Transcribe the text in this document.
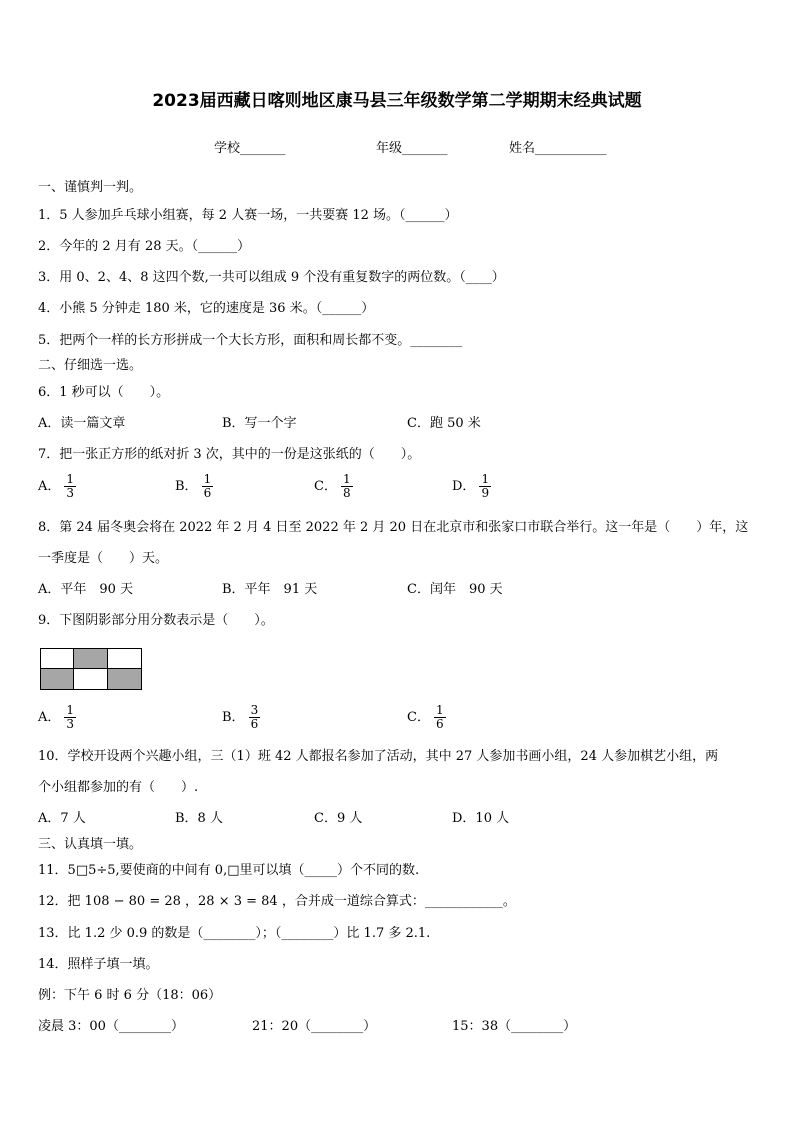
2023届西藏日喀则地区康马县三年级数学第二学期期末经典试题
学校_______	年级_______	姓名___________
一、谨慎判一判。
1．5 人参加乒乓球小组赛，每 2 人赛一场，一共要赛 12 场。（______）
2．今年的 2 月有 28 天。（______）
3．用 0、2、4、8 这四个数,一共可以组成 9 个没有重复数字的两位数。（____）
4．小熊 5 分钟走 180 米，它的速度是 36 米。（______）
5．把两个一样的长方形拼成一个大长方形，面积和周长都不变。________
二、仔细选一选。
6．1 秒可以（　　）。
A．读一篇文章	B．写一个字	C．跑 50 米
7．把一张正方形的纸对折 3 次，其中的一份是这张纸的（　　）。
A． $\frac{1}{3}$	B． $\frac{1}{6}$	C． $\frac{1}{8}$	D． $\frac{1}{9}$
8．第 24 届冬奥会将在 2022 年 2 月 4 日至 2022 年 2 月 20 日在北京市和张家口市联合举行。这一年是（　　）年，这
一季度是（　　）天。
A．平年　90 天	B．平年　91 天	C．闰年　90 天
9．下图阴影部分用分数表示是（　　）。
A． $\frac{1}{3}$	B． $\frac{3}{6}$	C． $\frac{1}{6}$
10．学校开设两个兴趣小组，三（1）班 42 人都报名参加了活动，其中 27 人参加书画小组，24 人参加棋艺小组，两
个小组都参加的有（　　）.
A．7 人	B．8 人	C．9 人	D．10 人
三、认真填一填。
11．5□5÷5,要使商的中间有 0,□里可以填（_____）个不同的数.
12．把 108 − 80 = 28 ，28 × 3 = 84 ，合并成一道综合算式：____________。
13．比 1.2 少 0.9 的数是（________）；（________）比 1.7 多 2.1.
14．照样子填一填。
例：下午 6 时 6 分（18：06）
凌晨 3：00（________）	21：20（________）	15：38（________）
